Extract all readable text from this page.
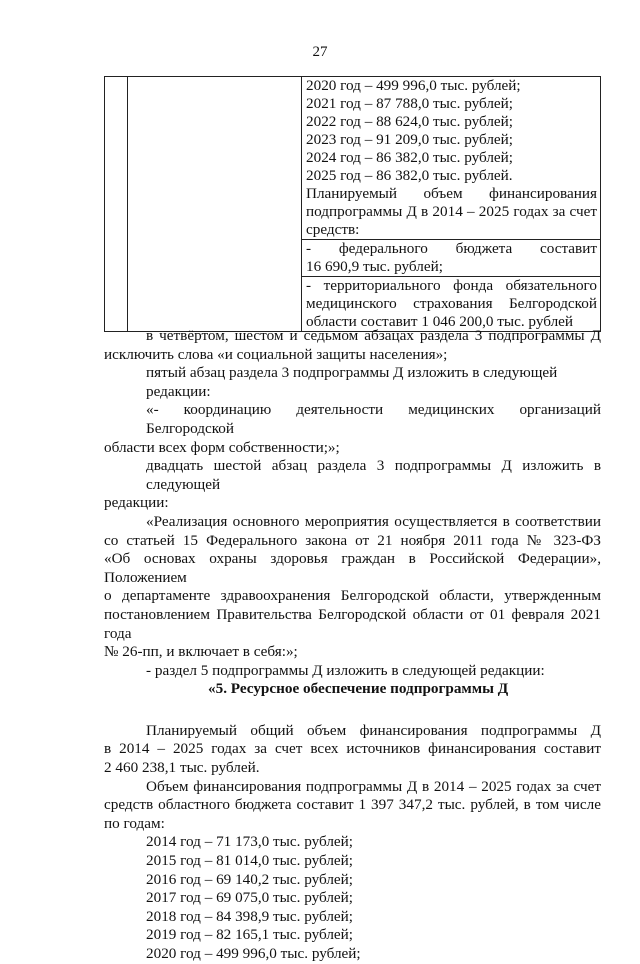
27

2020 год – 499 996,0 тыс. рублей;
2021 год – 87 788,0 тыс. рублей;
2022 год – 88 624,0 тыс. рублей;
2023 год – 91 209,0 тыс. рублей;
2024 год – 86 382,0 тыс. рублей;
2025 год – 86 382,0 тыс. рублей.
Планируемый объем финансирования
подпрограммы Д в 2014 – 2025 годах за счет
средств:
- федерального бюджета составит
16 690,9 тыс. рублей;
- территориального фонда обязательного
медицинского страхования Белгородской
области составит 1 046 200,0 тыс. рублей
в четвёртом, шестом и седьмом абзацах раздела 3 подпрограммы Д
исключить слова «и социальной защиты населения»;
пятый абзац раздела 3 подпрограммы Д изложить в следующей редакции:
«- координацию деятельности медицинских организаций Белгородской
области всех форм собственности;»;
двадцать шестой абзац раздела 3 подпрограммы Д изложить в следующей
редакции:
«Реализация основного мероприятия осуществляется в соответствии
со статьей 15 Федерального закона от 21 ноября 2011 года № 323-ФЗ
«Об основах охраны здоровья граждан в Российской Федерации», Положением
о департаменте здравоохранения Белгородской области, утвержденным
постановлением Правительства Белгородской области от 01 февраля 2021 года
№ 26-пп, и включает в себя:»;
- раздел 5 подпрограммы Д изложить в следующей редакции:
«5. Ресурсное обеспечение подпрограммы Д
Планируемый общий объем финансирования подпрограммы Д
в 2014 – 2025 годах за счет всех источников финансирования составит
2 460 238,1 тыс. рублей.
Объем финансирования подпрограммы Д в 2014 – 2025 годах за счет
средств областного бюджета составит 1 397 347,2 тыс. рублей, в том числе
по годам:
2014 год – 71 173,0 тыс. рублей;
2015 год – 81 014,0 тыс. рублей;
2016 год – 69 140,2 тыс. рублей;
2017 год – 69 075,0 тыс. рублей;
2018 год – 84 398,9 тыс. рублей;
2019 год – 82 165,1 тыс. рублей;
2020 год – 499 996,0 тыс. рублей;
